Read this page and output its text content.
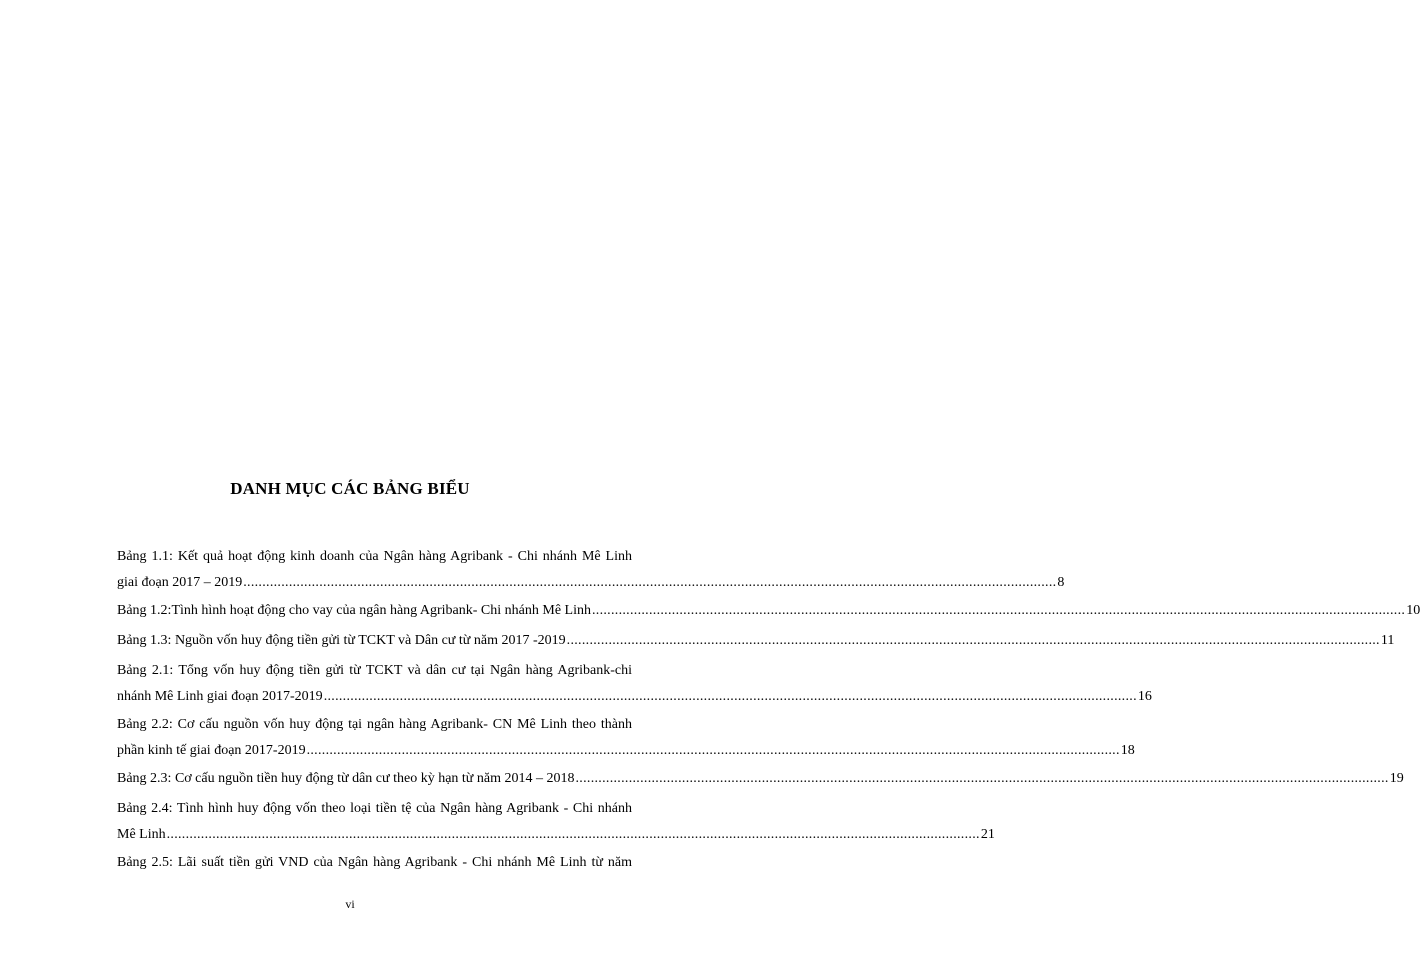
DANH MỤC CÁC BẢNG BIỂU
Bảng 1.1: Kết quả hoạt động kinh doanh của Ngân hàng Agribank - Chi nhánh Mê Linh
giai đoạn 2017 – 2019 ...................................................................................................................................................................................................................... 8
Bảng 1.2:Tình hình hoạt động cho vay của ngân hàng Agribank- Chi nhánh Mê Linh ...................................................................................................................................................................................................................... 10
Bảng 1.3: Nguồn vốn huy động tiền gửi từ TCKT và Dân cư từ năm 2017 -2019 ...................................................................................................................................................................................................................... 11
Bảng 2.1: Tổng vốn huy động tiền gửi từ TCKT và dân cư tại Ngân hàng Agribank-chi
nhánh Mê Linh giai đoạn 2017-2019 ...................................................................................................................................................................................................................... 16
Bảng 2.2: Cơ cấu nguồn vốn huy động tại ngân hàng Agribank- CN Mê Linh theo thành
phần kinh tế giai đoạn 2017-2019 ...................................................................................................................................................................................................................... 18
Bảng 2.3: Cơ cấu nguồn tiền huy động từ dân cư theo kỳ hạn từ năm 2014 – 2018 ...................................................................................................................................................................................................................... 19
Bảng 2.4: Tình hình huy động vốn theo loại tiền tệ của Ngân hàng Agribank - Chi nhánh
Mê Linh ...................................................................................................................................................................................................................... 21
Bảng 2.5: Lãi suất tiền gửi VND của Ngân hàng Agribank - Chi nhánh Mê Linh từ năm
vi
